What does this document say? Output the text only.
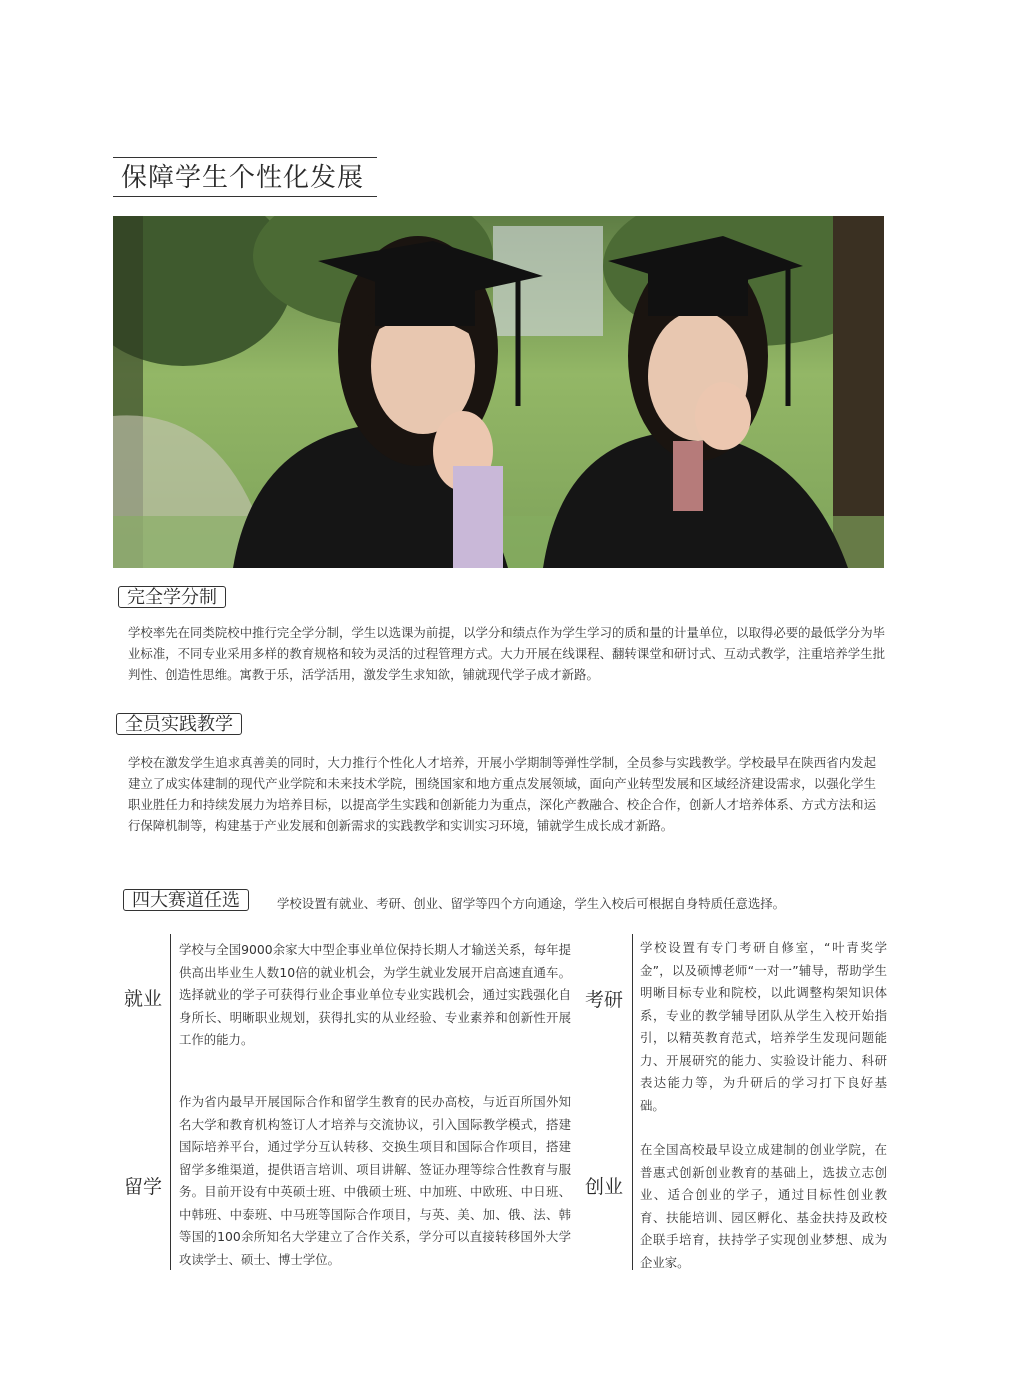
保障学生个性化发展
完全学分制

学校率先在同类院校中推行完全学分制，学生以选课为前提，以学分和绩点作为学生学习的质和量的计量单位，以取得必要的最低学分为毕业标准，不同专业采用多样的教育规格和较为灵活的过程管理方式。大力开展在线课程、翻转课堂和研讨式、互动式教学，注重培养学生批判性、创造性思维。寓教于乐，活学活用，激发学生求知欲，铺就现代学子成才新路。

全员实践教学

学校在激发学生追求真善美的同时，大力推行个性化人才培养，开展小学期制等弹性学制，全员参与实践教学。学校最早在陕西省内发起建立了成实体建制的现代产业学院和未来技术学院，围绕国家和地方重点发展领域，面向产业转型发展和区域经济建设需求，以强化学生职业胜任力和持续发展力为培养目标，以提高学生实践和创新能力为重点，深化产教融合、校企合作，创新人才培养体系、方式方法和运行保障机制等，构建基于产业发展和创新需求的实践教学和实训实习环境，铺就学生成长成才新路。

四大赛道任选	学校设置有就业、考研、创业、留学等四个方向通途，学生入校后可根据自身特质任意选择。
就业

学校与全国9000余家大中型企事业单位保持长期人才输送关系，每年提供高出毕业生人数10倍的就业机会，为学生就业发展开启高速直通车。选择就业的学子可获得行业企事业单位专业实践机会，通过实践强化自身所长、明晰职业规划，获得扎实的从业经验、专业素养和创新性开展工作的能力。

考研

学校设置有专门考研自修室，“叶青奖学金”，以及硕博老师“一对一”辅导，帮助学生明晰目标专业和院校，以此调整构架知识体系，专业的教学辅导团队从学生入校开始指引，以精英教育范式，培养学生发现问题能力、开展研究的能力、实验设计能力、科研表达能力等，为升研后的学习打下良好基础。

留学

作为省内最早开展国际合作和留学生教育的民办高校，与近百所国外知名大学和教育机构签订人才培养与交流协议，引入国际教学模式，搭建国际培养平台，通过学分互认转移、交换生项目和国际合作项目，搭建留学多维渠道，提供语言培训、项目讲解、签证办理等综合性教育与服务。目前开设有中英硕士班、中俄硕士班、中加班、中欧班、中日班、中韩班、中泰班、中马班等国际合作项目，与英、美、加、俄、法、韩等国的100余所知名大学建立了合作关系，学分可以直接转移国外大学攻读学士、硕士、博士学位。

创业

在全国高校最早设立成建制的创业学院，在普惠式创新创业教育的基础上，选拔立志创业、适合创业的学子，通过目标性创业教育、扶能培训、园区孵化、基金扶持及政校企联手培育，扶持学子实现创业梦想、成为企业家。
